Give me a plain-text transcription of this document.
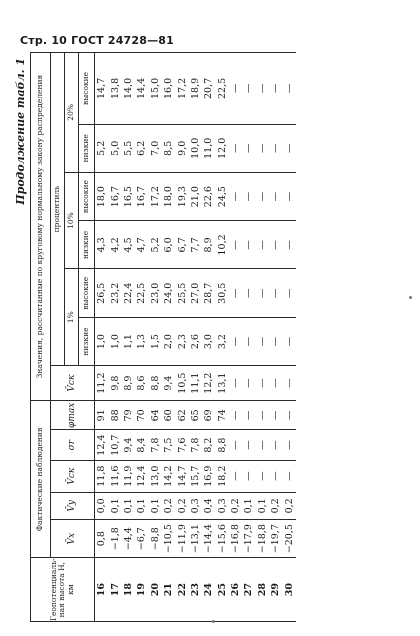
Стр. 10 ГОСТ 24728—81
Продолжение табл. 1
Геопотенциаль-ная высота Н, км	Фактические наблюдения					Значения, рассчитанные по круговому нормальному закону распределения						
	V̄x	V̄y	V̄ск	σr	φmax	V̄ск	процентиль					
							1%		10%		20%	
							низкие	высокие	низкие	высокие	низкие	высокие
16	0,8	0,0	11,8	12,4	91	11,2	1,0	26,5	4,3	18,0	5,2	14,7
17	−1,8	0,1	11,6	10,7	88	9,8	1,0	23,2	4,2	16,7	5,0	13,8
18	−4,4	0,1	11,9	9,4	79	8,9	1,1	22,4	4,5	16,5	5,5	14,0
19	−6,7	0,1	12,4	8,4	70	8,6	1,3	22,5	4,7	16,7	6,2	14,4
20	−8,8	0,1	13,0	7,8	64	8,8	1,5	23,0	5,2	17,2	7,0	15,0
21	−10,5	0,2	14,2	7,5	60	9,4	2,0	24,0	6,0	18,0	8,5	16,0
22	−11,9	0,2	14,7	7,6	62	10,5	2,3	25,5	6,7	19,3	9,0	17,2
23	−13,1	0,3	15,7	7,8	65	11,1	2,6	27,0	7,7	21,0	10,0	18,9
24	−14,4	0,4	16,9	8,2	69	12,2	3,0	28,7	8,9	22,6	11,0	20,7
25	−15,6	0,3	18,2	8,8	74	13,1	3,2	30,5	10,2	24,5	12,0	22,5
26	−16,8	0,2	—	—	—	—	—	—	—	—	—	—
27	−17,9	0,1	—	—	—	—	—	—	—	—	—	—
28	−18,8	0,1	—	—	—	—	—	—	—	—	—	—
29	−19,7	0,2	—	—	—	—	—	—	—	—	—	—
30	−20,5	0,2	—	—	—	—	—	—	—	—	—	—
